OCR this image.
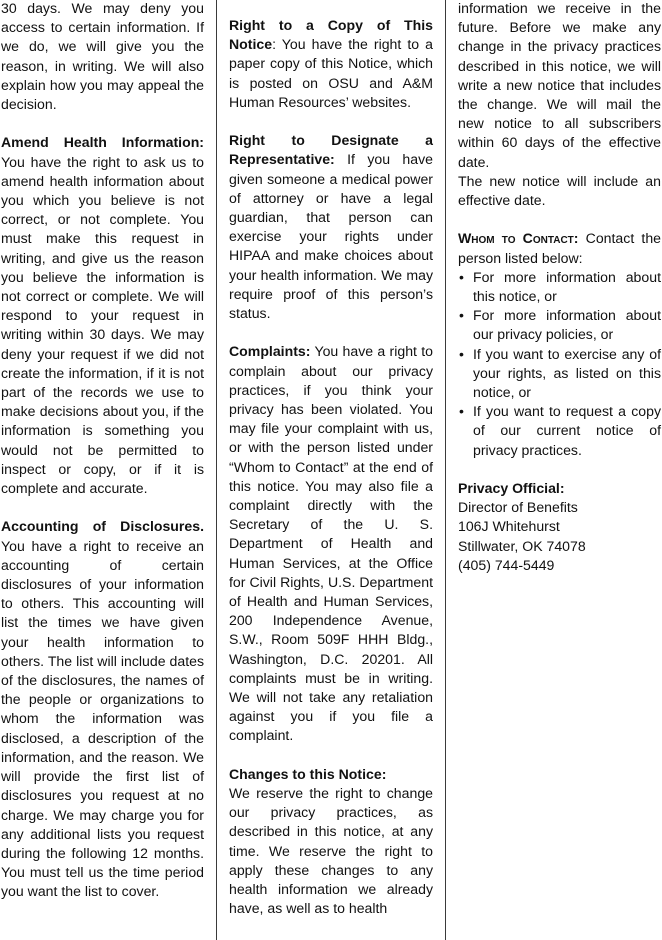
30 days. We may deny you access to certain information. If we do, we will give you the reason, in writing. We will also explain how you may appeal the decision.

Amend Health Information: You have the right to ask us to amend health information about you which you believe is not correct, or not complete. You must make this request in writing, and give us the reason you believe the information is not correct or complete. We will respond to your request in writing within 30 days. We may deny your request if we did not create the information, if it is not part of the records we use to make decisions about you, if the information is something you would not be permitted to inspect or copy, or if it is complete and accurate.

Accounting of Disclosures. You have a right to receive an accounting of certain disclosures of your information to others. This accounting will list the times we have given your health information to others. The list will include dates of the disclosures, the names of the people or organizations to whom the information was disclosed, a description of the information, and the reason. We will provide the first list of disclosures you request at no charge. We may charge you for any additional lists you request during the following 12 months. You must tell us the time period you want the list to cover.

Right to a Copy of This Notice: You have the right to a paper copy of this Notice, which is posted on OSU and A&M Human Resources’ websites.

Right to Designate a Representative: If you have given someone a medical power of attorney or have a legal guardian, that person can exercise your rights under HIPAA and make choices about your health information. We may require proof of this person’s status.

Complaints: You have a right to complain about our privacy practices, if you think your privacy has been violated. You may file your complaint with us, or with the person listed under “Whom to Contact” at the end of this notice. You may also file a complaint directly with the Secretary of the U. S. Department of Health and Human Services, at the Office for Civil Rights, U.S. Department of Health and Human Services, 200 Independence Avenue, S.W., Room 509F HHH Bldg., Washington, D.C. 20201. All complaints must be in writing. We will not take any retaliation against you if you file a complaint.

Changes to this Notice:
We reserve the right to change our privacy practices, as described in this notice, at any time. We reserve the right to apply these changes to any health information we already have, as well as to health

information we receive in the future. Before we make any change in the privacy practices described in this notice, we will write a new notice that includes the change. We will mail the new notice to all subscribers within 60 days of the effective date.

The new notice will include an effective date.

Whom to Contact: Contact the person listed below:
• For more information about this notice, or
• For more information about our privacy policies, or
• If you want to exercise any of your rights, as listed on this notice, or
• If you want to request a copy of our current notice of privacy practices.
Privacy Official:
Director of Benefits
106J Whitehurst
Stillwater, OK 74078
(405) 744-5449
